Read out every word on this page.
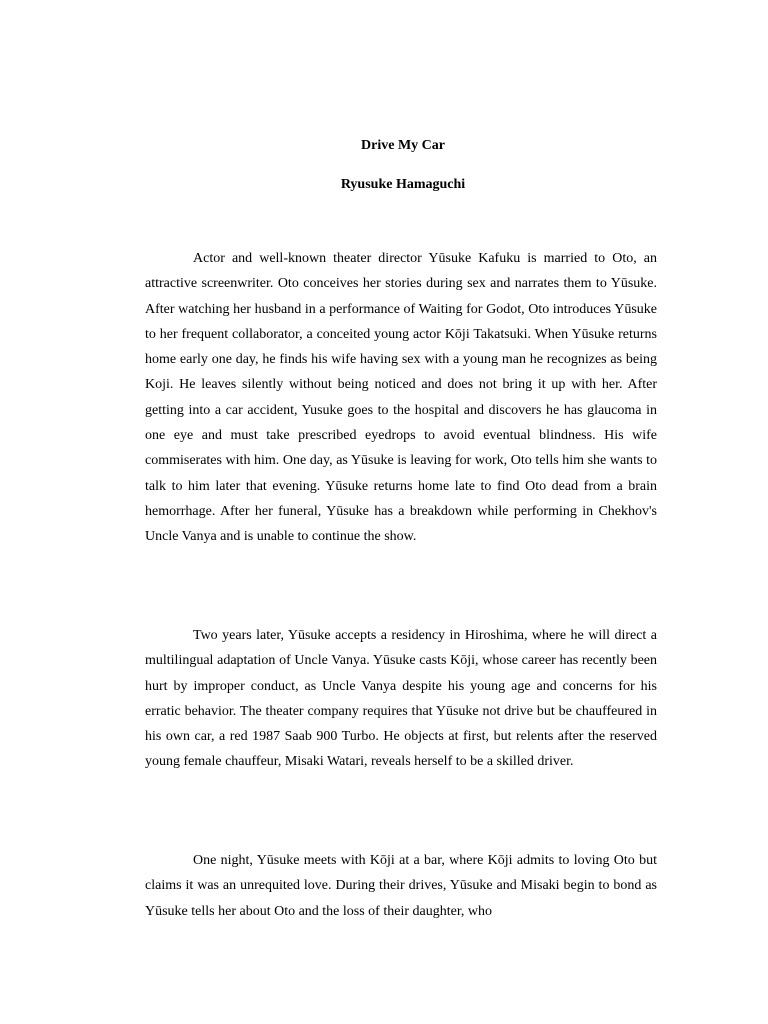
Drive My Car
Ryusuke Hamaguchi

Actor and well-known theater director Yūsuke Kafuku is married to Oto, an attractive screenwriter. Oto conceives her stories during sex and narrates them to Yūsuke. After watching her husband in a performance of Waiting for Godot, Oto introduces Yūsuke to her frequent collaborator, a conceited young actor Kōji Takatsuki. When Yūsuke returns home early one day, he finds his wife having sex with a young man he recognizes as being Koji. He leaves silently without being noticed and does not bring it up with her. After getting into a car accident, Yusuke goes to the hospital and discovers he has glaucoma in one eye and must take prescribed eyedrops to avoid eventual blindness. His wife commiserates with him. One day, as Yūsuke is leaving for work, Oto tells him she wants to talk to him later that evening. Yūsuke returns home late to find Oto dead from a brain hemorrhage. After her funeral, Yūsuke has a breakdown while performing in Chekhov's Uncle Vanya and is unable to continue the show.

Two years later, Yūsuke accepts a residency in Hiroshima, where he will direct a multilingual adaptation of Uncle Vanya. Yūsuke casts Kōji, whose career has recently been hurt by improper conduct, as Uncle Vanya despite his young age and concerns for his erratic behavior. The theater company requires that Yūsuke not drive but be chauffeured in his own car, a red 1987 Saab 900 Turbo. He objects at first, but relents after the reserved young female chauffeur, Misaki Watari, reveals herself to be a skilled driver.

One night, Yūsuke meets with Kōji at a bar, where Kōji admits to loving Oto but claims it was an unrequited love. During their drives, Yūsuke and Misaki begin to bond as Yūsuke tells her about Oto and the loss of their daughter, who
